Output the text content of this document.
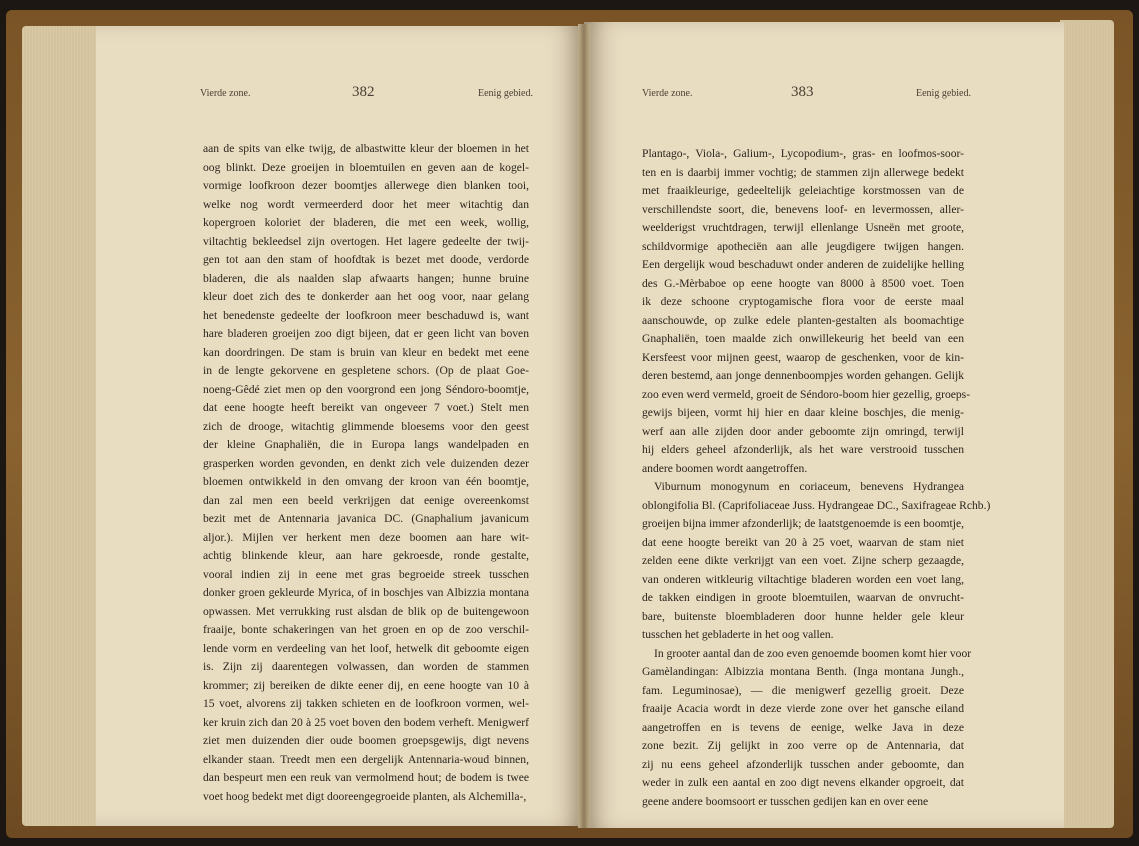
Vierde zone.	382	Eenig gebied.	Vierde zone.	383	Eenig gebied.
aan de spits van elke twijg, de albastwitte kleur der bloemen in het
oog blinkt. Deze groeijen in bloemtuilen en geven aan de kogel-
vormige loofkroon dezer boomtjes allerwege dien blanken tooi,
welke nog wordt vermeerderd door het meer witachtig dan
kopergroen koloriet der bladeren, die met een week, wollig,
viltachtig bekleedsel zijn overtogen. Het lagere gedeelte der twij-
gen tot aan den stam of hoofdtak is bezet met doode, verdorde
bladeren, die als naalden slap afwaarts hangen; hunne bruine
kleur doet zich des te donkerder aan het oog voor, naar gelang
het benedenste gedeelte der loofkroon meer beschaduwd is, want
hare bladeren groeijen zoo digt bijeen, dat er geen licht van boven
kan doordringen. De stam is bruin van kleur en bedekt met eene
in de lengte gekorvene en gespletene schors. (Op de plaat Goe-
noeng-Gêdé ziet men op den voorgrond een jong Séndoro-boomtje,
dat eene hoogte heeft bereikt van ongeveer 7 voet.) Stelt men
zich de drooge, witachtig glimmende bloesems voor den geest
der kleine Gnaphaliën, die in Europa langs wandelpaden en
grasperken worden gevonden, en denkt zich vele duizenden dezer
bloemen ontwikkeld in den omvang der kroon van één boomtje,
dan zal men een beeld verkrijgen dat eenige overeenkomst
bezit met de Antennaria javanica DC. (Gnaphalium javanicum
aljor.). Mijlen ver herkent men deze boomen aan hare wit-
achtig blinkende kleur, aan hare gekroesde, ronde gestalte,
vooral indien zij in eene met gras begroeide streek tusschen
donker groen gekleurde Myrica, of in boschjes van Albizzia montana
opwassen. Met verrukking rust alsdan de blik op de buitengewoon
fraaije, bonte schakeringen van het groen en op de zoo verschil-
lende vorm en verdeeling van het loof, hetwelk dit geboomte eigen
is. Zijn zij daarentegen volwassen, dan worden de stammen
krommer; zij bereiken de dikte eener dij, en eene hoogte van 10 à
15 voet, alvorens zij takken schieten en de loofkroon vormen, wel-
ker kruin zich dan 20 à 25 voet boven den bodem verheft. Menigwerf
ziet men duizenden dier oude boomen groepsgewijs, digt nevens
elkander staan. Treedt men een dergelijk Antennaria-woud binnen,
dan bespeurt men een reuk van vermolmend hout; de bodem is twee
voet hoog bedekt met digt dooreengegroeide planten, als Alchemilla-,
Plantago-, Viola-, Galium-, Lycopodium-, gras- en loofmos-soor-
ten en is daarbij immer vochtig; de stammen zijn allerwege bedekt
met fraaikleurige, gedeeltelijk geleiachtige korstmossen van de
verschillendste soort, die, benevens loof- en levermossen, aller-
weelderigst vruchtdragen, terwijl ellenlange Usneën met groote,
schildvormige apotheciën aan alle jeugdigere twijgen hangen.
Een dergelijk woud beschaduwt onder anderen de zuidelijke helling
des G.-Mèrbaboe op eene hoogte van 8000 à 8500 voet. Toen
ik deze schoone cryptogamische flora voor de eerste maal
aanschouwde, op zulke edele planten-gestalten als boomachtige
Gnaphaliën, toen maalde zich onwillekeurig het beeld van een
Kersfeest voor mijnen geest, waarop de geschenken, voor de kin-
deren bestemd, aan jonge dennenboompjes worden gehangen. Gelijk
zoo even werd vermeld, groeit de Séndoro-boom hier gezellig, groeps-
gewijs bijeen, vormt hij hier en daar kleine boschjes, die menig-
werf aan alle zijden door ander geboomte zijn omringd, terwijl
hij elders geheel afzonderlijk, als het ware verstrooid tusschen
andere boomen wordt aangetroffen.
Viburnum monogynum en coriaceum, benevens Hydrangea
oblongifolia Bl. (Caprifoliaceae Juss. Hydrangeae DC., Saxifrageae Rchb.)
groeijen bijna immer afzonderlijk; de laatstgenoemde is een boomtje,
dat eene hoogte bereikt van 20 à 25 voet, waarvan de stam niet
zelden eene dikte verkrijgt van een voet. Zijne scherp gezaagde,
van onderen witkleurig viltachtige bladeren worden een voet lang,
de takken eindigen in groote bloemtuilen, waarvan de onvrucht-
bare, buitenste bloembladeren door hunne helder gele kleur
tusschen het gebladerte in het oog vallen.
In grooter aantal dan de zoo even genoemde boomen komt hier voor
Gamèlandingan: Albizzia montana Benth. (Inga montana Jungh.,
fam. Leguminosae), — die menigwerf gezellig groeit. Deze
fraaije Acacia wordt in deze vierde zone over het gansche eiland
aangetroffen en is tevens de eenige, welke Java in deze
zone bezit. Zij gelijkt in zoo verre op de Antennaria, dat
zij nu eens geheel afzonderlijk tusschen ander geboomte, dan
weder in zulk een aantal en zoo digt nevens elkander opgroeit, dat
geene andere boomsoort er tusschen gedijen kan en over eene
